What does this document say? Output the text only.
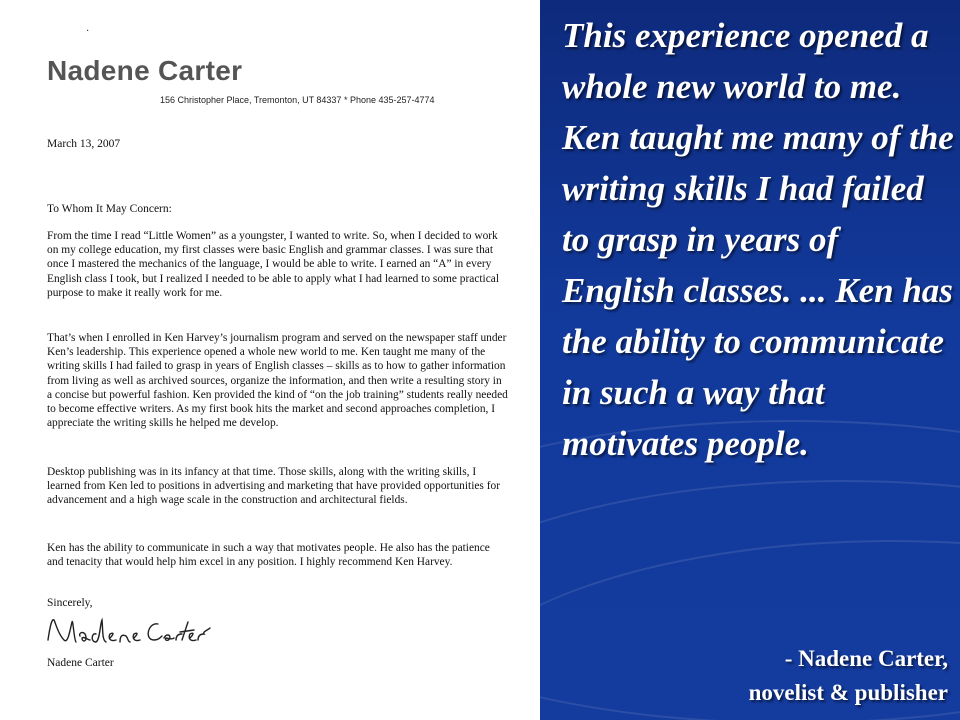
·
Nadene Carter
156 Christopher Place, Tremonton, UT 84337 * Phone 435-257-4774
March 13, 2007
To Whom It May Concern:

From the time I read “Little Women” as a youngster, I wanted to write. So, when I decided to work on my college education, my first classes were basic English and grammar classes. I was sure that once I mastered the mechanics of the language, I would be able to write. I earned an “A” in every English class I took, but I realized I needed to be able to apply what I had learned to some practical purpose to make it really work for me.

That’s when I enrolled in Ken Harvey’s journalism program and served on the newspaper staff under Ken’s leadership. This experience opened a whole new world to me. Ken taught me many of the writing skills I had failed to grasp in years of English classes – skills as to how to gather information from living as well as archived sources, organize the information, and then write a resulting story in a concise but powerful fashion. Ken provided the kind of “on the job training” students really needed to become effective writers. As my first book hits the market and second approaches completion, I appreciate the writing skills he helped me develop.

Desktop publishing was in its infancy at that time. Those skills, along with the writing skills, I learned from Ken led to positions in advertising and marketing that have provided opportunities for advancement and a high wage scale in the construction and architectural fields.

Ken has the ability to communicate in such a way that motivates people. He also has the patience and tenacity that would help him excel in any position. I highly recommend Ken Harvey.

Sincerely,
Nadene Carter

This experience opened a whole new world to me. Ken taught me many of the writing skills I had failed to grasp in years of English classes. ... Ken has the ability to communicate in such a way that motivates people.

- Nadene Carter,
novelist & publisher
